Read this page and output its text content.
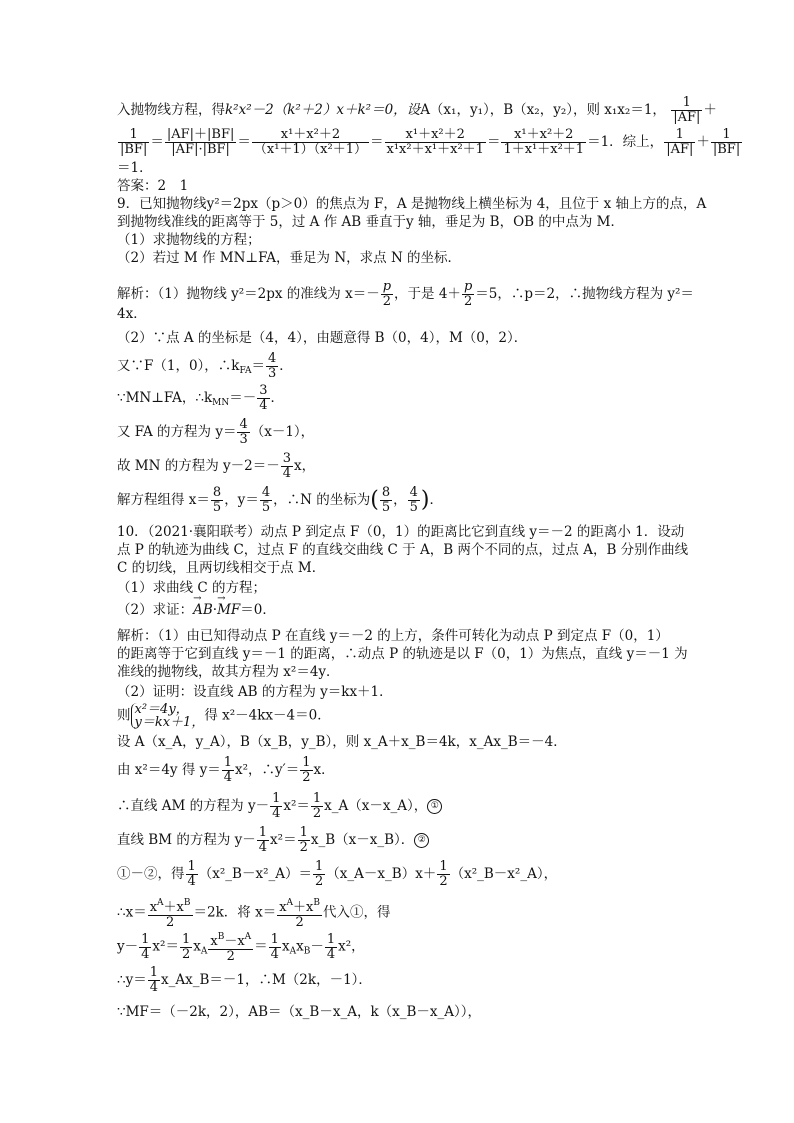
入抛物线方程，得k²x²－2（k²＋2）x＋k²＝0，设A（x₁，y₁），B（x₂，y₂），则 x₁x₂＝1， $\frac{1}{|AF|}$ ＋
$\frac{1}{|BF|} = \frac{|AF|+|BF|}{|AF|\cdot|BF|} = \frac{\text{x¹＋x²＋2}}{\text{（x¹＋1）（x²＋1）}} = \frac{\text{x¹＋x²＋2}}{\text{x¹x²＋x¹＋x²＋1}} = \frac{\text{x¹＋x²＋2}}{\text{1＋x¹＋x²＋1}} =1$．综上， $\frac{1}{|AF|} + \frac{1}{|BF|}$
＝1．
答案：2　1
9．已知抛物线y²＝2px（p＞0）的焦点为 F，A 是抛物线上横坐标为 4，且位于 x 轴上方的点，A
到抛物线准线的距离等于 5，过 A 作 AB 垂直于y 轴，垂足为 B，OB 的中点为 M．
（1）求抛物线的方程；
（2）若过 M 作 MN⊥FA，垂足为 N，求点 N 的坐标．
解析：（1）抛物线 y²＝2px 的准线为 $x=- \frac{p}{2}$ ，于是 $4+ \frac{p}{2} =5$，∴p＝2，∴抛物线方程为 y²＝
4x．
（2）∵点 A 的坐标是（4，4），由题意得 B（0，4），M（0，2）．
又∵F（1，0），$\therefore k_{FA}= \frac{4}{3}$ ．
∵MN⊥FA，$\therefore k_{MN}=- \frac{3}{4}$ ．
又 FA 的方程为 $y= \frac{4}{3} (x-1)$，
故 MN 的方程为 $y-2=- \frac{3}{4}$ x，
解方程组得 $x= \frac{8}{5}$ ，$y= \frac{4}{5}$ ，∴N 的坐标为( $\frac{8}{5}$ ， $\frac{4}{5}$ )．
10．（2021·襄阳联考）动点 P 到定点 F（0，1）的距离比它到直线 y＝－2 的距离小 1．设动
点 P 的轨迹为曲线 C，过点 F 的直线交曲线 C 于 A，B 两个不同的点，过点 A，B 分别作曲线
C 的切线，且两切线相交于点 M．
（1）求曲线 C 的方程；
（2）求证：→ AB·→ MF＝0．
解析：（1）由已知得动点 P 在直线 y＝－2 的上方，条件可转化为动点 P 到定点 F（0，1）
的距离等于它到直线 y＝－1 的距离，∴动点 P 的轨迹是以 F（0，1）为焦点，直线 y＝－1 为
准线的抛物线，故其方程为 x²＝4y．
（2）证明：设直线 AB 的方程为 y＝kx＋1．
则 x²＝4y，
y＝kx＋1，得 x²－4kx－4＝0．
设 A（x_A，y_A），B（x_B，y_B），则 x_A＋x_B＝4k，x_Ax_B＝－4．
由 x²＝4y 得 $y= \frac{1}{4} x^2$，∴y′＝ $\frac{1}{2}$ x．
∴直线 AM 的方程为 $y- \frac{1}{4} x^2= \frac{1}{2}$ x_A（x－x_A）， ①
直线 BM 的方程为 $y- \frac{1}{4} x^2= \frac{1}{2}$ x_B（x－x_B）． ②
①－②，得 $\frac{1}{4}$ （x²_B－x²_A）＝ $\frac{1}{2}$ （x_A－x_B）x＋ $\frac{1}{2}$ （x²_B－x²_A），
∴x＝ $\frac{x^A+x^B}{2} =2k$．将 $x= \frac{x^A+x^B}{2}$ 代入①，得
$y- \frac{1}{4} x^2= \frac{1}{2} x_A \frac{x^B-x^A}{2} = \frac{1}{4} x_Ax_B- \frac{1}{4} x^2$，
∴y＝ $\frac{1}{4}$ x_Ax_B＝－1，∴M（2k，－1）．
∵MF＝（－2k，2），AB＝（x_B－x_A，k（x_B－x_A）），
